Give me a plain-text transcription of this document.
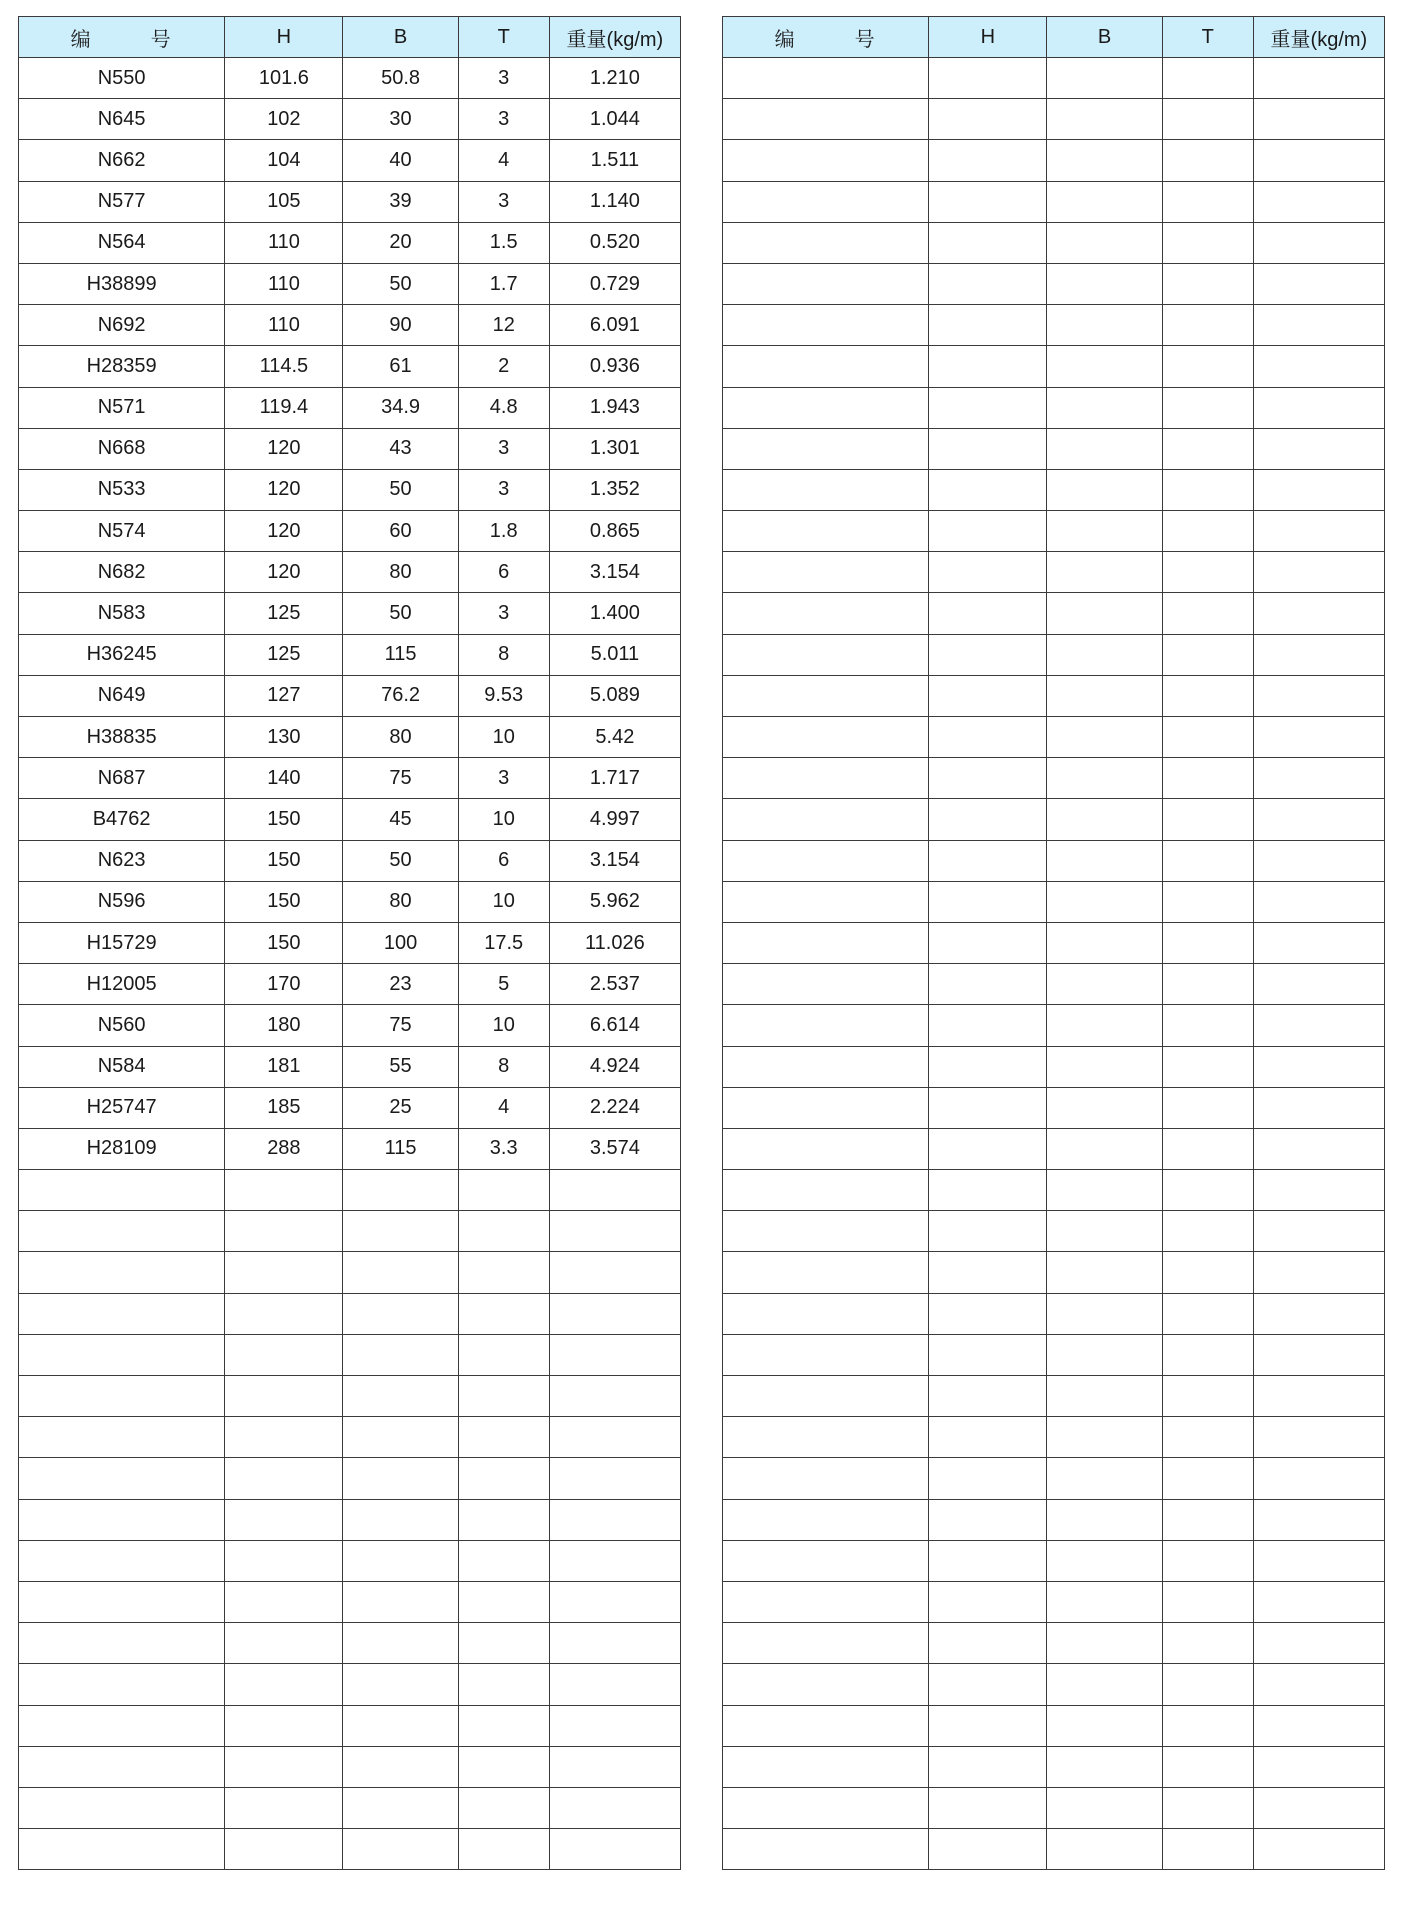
编 号	H	B	T	重量(kg/m)
N550	101.6	50.8	3	1.210
N645	102	30	3	1.044
N662	104	40	4	1.511
N577	105	39	3	1.140
N564	110	20	1.5	0.520
H38899	110	50	1.7	0.729
N692	110	90	12	6.091
H28359	114.5	61	2	0.936
N571	119.4	34.9	4.8	1.943
N668	120	43	3	1.301
N533	120	50	3	1.352
N574	120	60	1.8	0.865
N682	120	80	6	3.154
N583	125	50	3	1.400
H36245	125	115	8	5.011
N649	127	76.2	9.53	5.089
H38835	130	80	10	5.42
N687	140	75	3	1.717
B4762	150	45	10	4.997
N623	150	50	6	3.154
N596	150	80	10	5.962
H15729	150	100	17.5	11.026
H12005	170	23	5	2.537
N560	180	75	10	6.614
N584	181	55	8	4.924
H25747	185	25	4	2.224
H28109	288	115	3.3	3.574

编 号	H	B	T	重量(kg/m)
